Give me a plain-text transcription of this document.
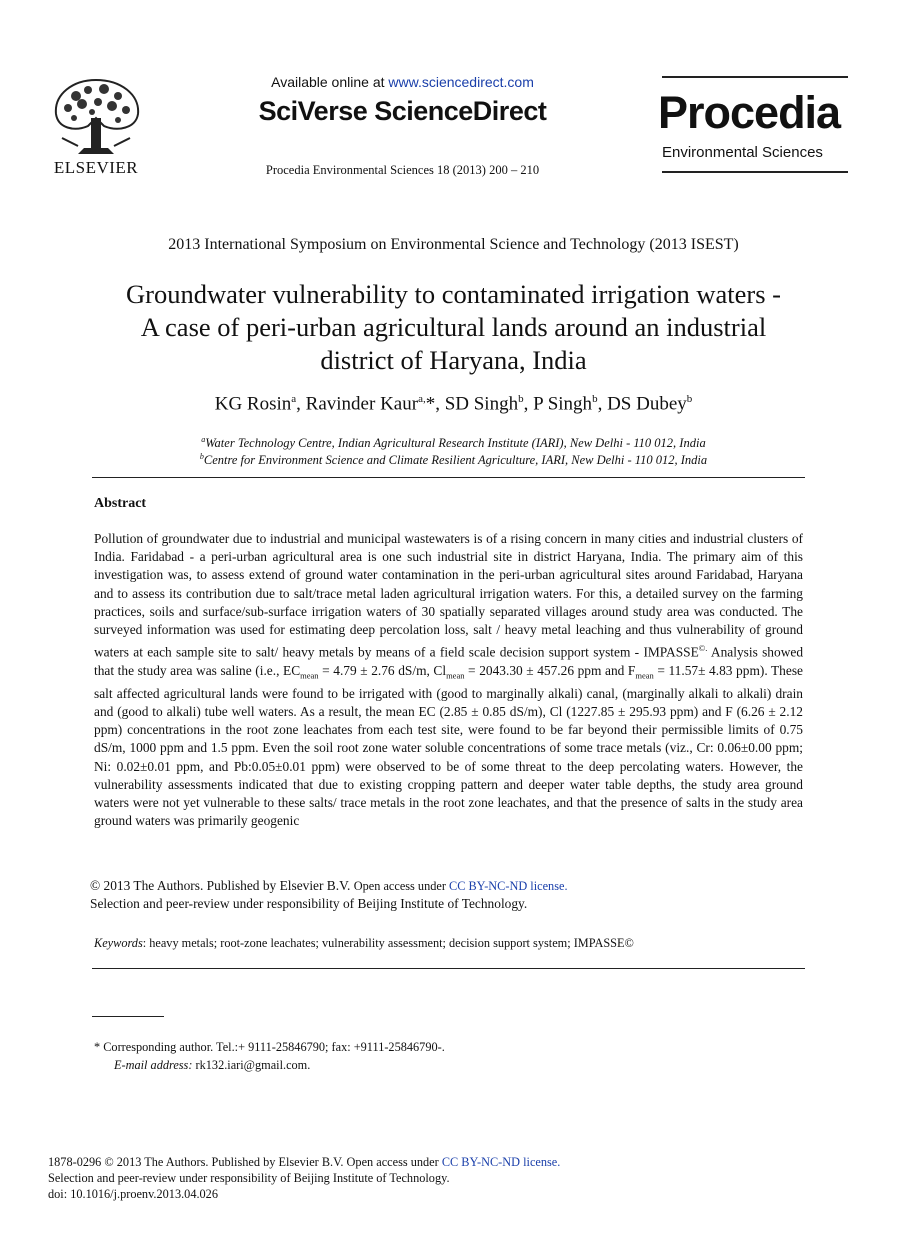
ELSEVIER
Available online at www.sciencedirect.com
SciVerse ScienceDirect
Procedia Environmental Sciences 18 (2013) 200 – 210
Procedia
Environmental Sciences
2013 International Symposium on Environmental Science and Technology (2013 ISEST)
Groundwater vulnerability to contaminated irrigation waters -
A case of peri-urban agricultural lands around an industrial
district of Haryana, India
KG Rosin$^a$, Ravinder Kaur$^{a,}$*, SD Singh$^b$, P Singh$^b$, DS Dubey$^b$
$^a$Water Technology Centre, Indian Agricultural Research Institute (IARI), New Delhi - 110 012, India
$^b$Centre for Environment Science and Climate Resilient Agriculture, IARI, New Delhi - 110 012, India
Abstract
Pollution of groundwater due to industrial and municipal wastewaters is of a rising concern in many cities and industrial clusters of India. Faridabad - a peri-urban agricultural area is one such industrial site in district Haryana, India. The primary aim of this investigation was, to assess extend of ground water contamination in the peri-urban agricultural sites around Faridabad, Haryana and to assess its contribution due to salt/trace metal laden agricultural irrigation waters. For this, a detailed survey on the farming practices, soils and surface/sub-surface irrigation waters of 30 spatially separated villages around study area was conducted. The surveyed information was used for estimating deep percolation loss, salt / heavy metal leaching and thus vulnerability of ground waters at each sample site to salt/ heavy metals by means of a field scale decision support system - IMPASSE©. Analysis showed that the study area was saline (i.e., $EC_{mean} = 4.79 \pm 2.76$ dS/m, $Cl_{mean} = 2043.30 \pm 457.26$ ppm and $F_{mean} = 11.57\pm 4.83$ ppm). These salt affected agricultural lands were found to be irrigated with (good to marginally alkali) canal, (marginally alkali to alkali) drain and (good to alkali) tube well waters. As a result, the mean EC (2.85 ± 0.85 dS/m), Cl (1227.85 ± 295.93 ppm) and F (6.26 ± 2.12 ppm) concentrations in the root zone leachates from each test site, were found to be far beyond their permissible limits of 0.75 dS/m, 1000 ppm and 1.5 ppm. Even the soil root zone water soluble concentrations of some trace metals (viz., Cr: 0.06±0.00 ppm; Ni: 0.02±0.01 ppm, and Pb:0.05±0.01 ppm) were observed to be of some threat to the deep percolating waters. However, the vulnerability assessments indicated that due to existing cropping pattern and deeper water table depths, the study area ground waters were not yet vulnerable to these salts/ trace metals in the root zone leachates, and that the presence of salts in the study area ground waters was primarily geogenic
© 2013 The Authors. Published by Elsevier B.V. Open access under CC BY-NC-ND license.
Selection and peer-review under responsibility of Beijing Institute of Technology.
Keywords: heavy metals; root-zone leachates; vulnerability assessment; decision support system; IMPASSE©
* Corresponding author. Tel.:+ 9111-25846790; fax: +9111-25846790-.
E-mail address: rk132.iari@gmail.com.
1878-0296 © 2013 The Authors. Published by Elsevier B.V. Open access under CC BY-NC-ND license.
Selection and peer-review under responsibility of Beijing Institute of Technology.
doi: 10.1016/j.proenv.2013.04.026
